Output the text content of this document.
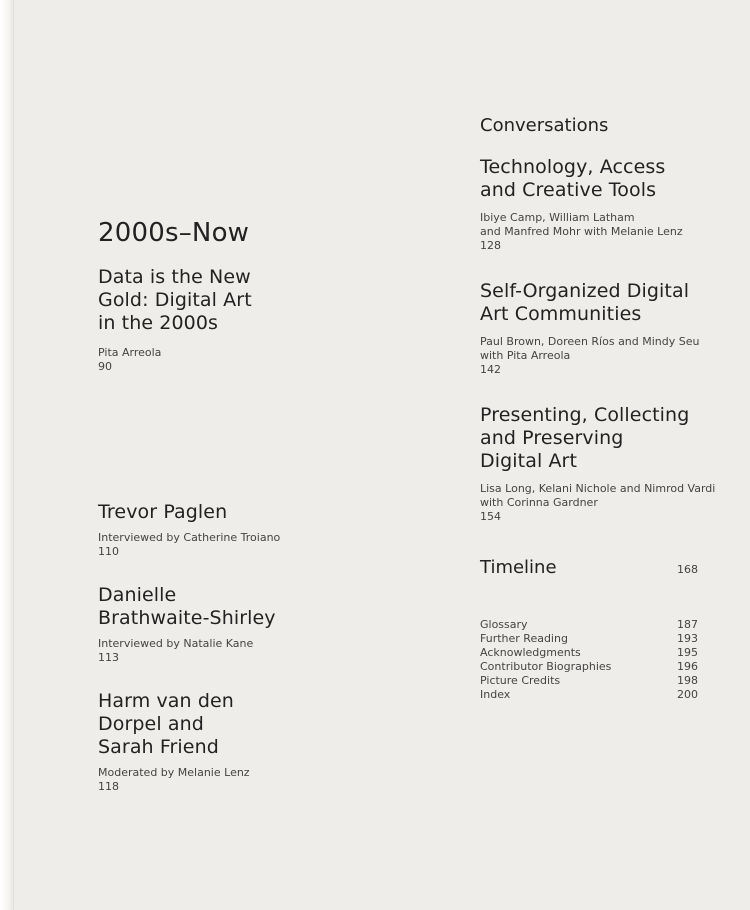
2000s–Now
Data is the New
Gold: Digital Art
in the 2000s
Pita Arreola
90
Trevor Paglen
Interviewed by Catherine Troiano
110
Danielle
Brathwaite-Shirley
Interviewed by Natalie Kane
113
Harm van den
Dorpel and
Sarah Friend
Moderated by Melanie Lenz
118
Conversations
Technology, Access
and Creative Tools
Ibiye Camp, William Latham
and Manfred Mohr with Melanie Lenz
128
Self-Organized Digital
Art Communities
Paul Brown, Doreen Ríos and Mindy Seu
with Pita Arreola
142
Presenting, Collecting
and Preserving
Digital Art
Lisa Long, Kelani Nichole and Nimrod Vardi
with Corinna Gardner
154
Timeline	168
Glossary	187
Further Reading	193
Acknowledgments	195
Contributor Biographies	196
Picture Credits	198
Index	200
